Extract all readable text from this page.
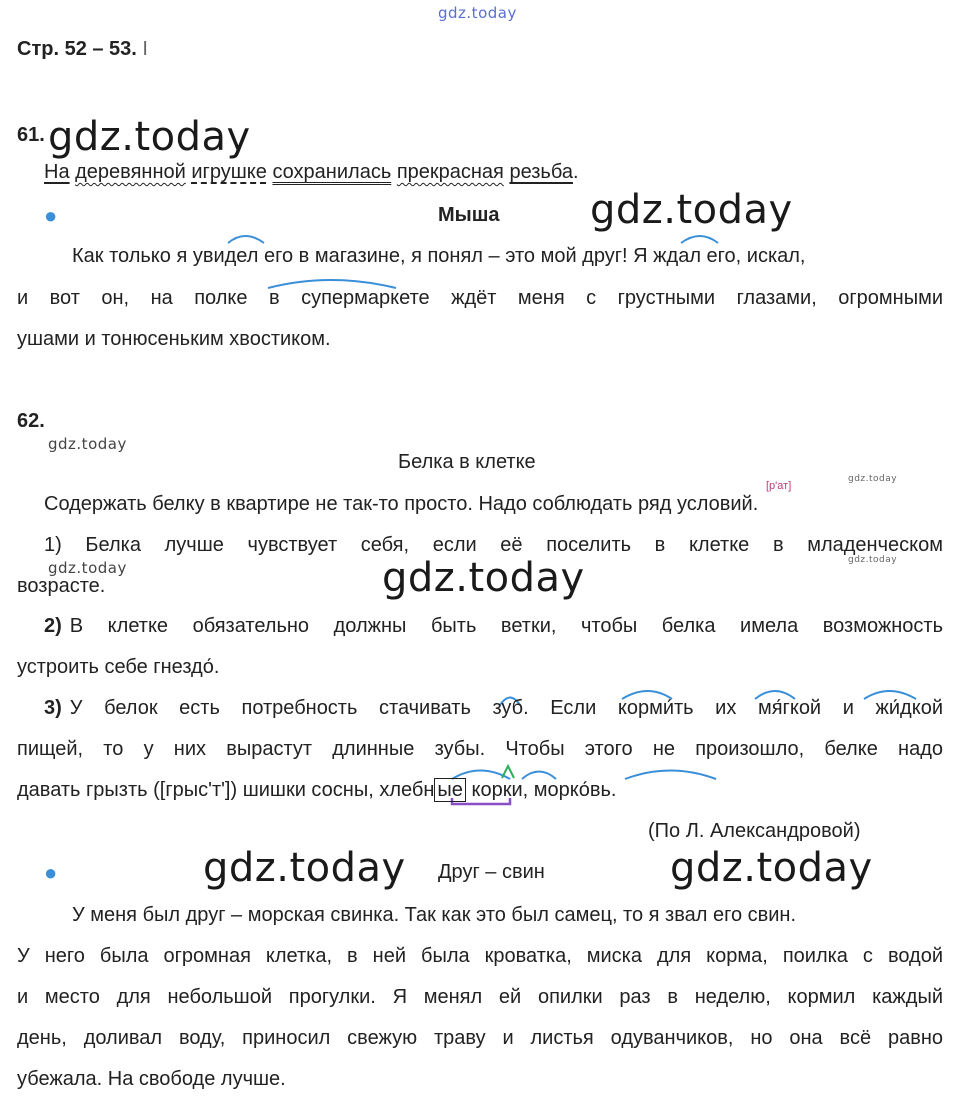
gdz.today
Стр. 52 – 53. I
61. gdz.today
На деревянной игрушке сохранилась прекрасная резьба.
●	Мыша gdz.today
Как только я увидел его в магазине, я понял – это мой друг! Я ждал его, искал,
и вот он, на полке в супермаркете ждёт меня с грустными глазами, огромными
ушами и тонюсеньким хвостиком.
62.
gdz.today
Белка в клетке
gdz.today
[р'ат]
Содержать белку в квартире не так-то просто. Надо соблюдать ряд условий.
1) Белка лучше чувствует себя, если её поселить в клетке в младенческом
возрасте.
gdz.today	gdz.today	gdz.today
2) В клетке обязательно должны быть ветки, чтобы белка имела возможность
устроить себе гнездо́.
3) У белок есть потребность стачивать зуб. Если корми́ть их мя́гкой и жи́дкой
пищей, то у них вырастут длинные зубы. Чтобы этого не произошло, белке надо
давать грызть ([грыс'т']) шишки сосны, хлебн ые корки, морко́вь.
(По Л. Александровой)
●	gdz.today Друг – свин	gdz.today
У меня был друг – морская свинка. Так как это был самец, то я звал его свин.
У него была огромная клетка, в ней была кроватка, миска для корма, поилка с водой
и место для небольшой прогулки. Я менял ей опилки раз в неделю, кормил каждый
день, доливал воду, приносил свежую траву и листья одуванчиков, но она всё равно
убежала. На свободе лучше.
